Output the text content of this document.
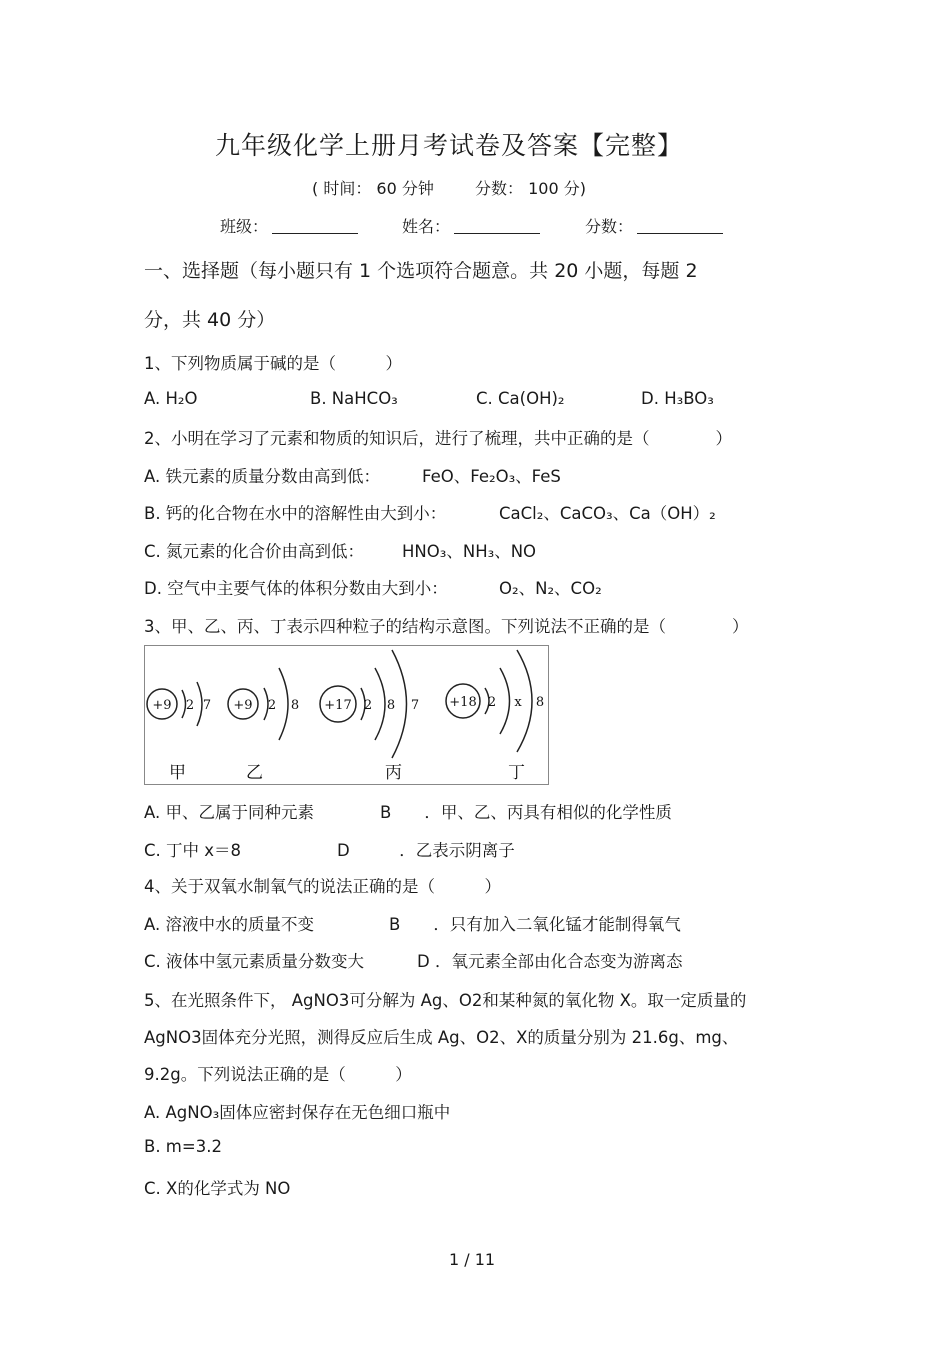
九年级化学上册月考试卷及答案【完整】
( 时间： 60 分钟	分数： 100 分)
班级：	姓名：	分数：
一、选择题（每小题只有 1 个选项符合题意。共 20 小题，每题 2
分，共 40 分）
1、下列物质属于碱的是（　　　）
A. H₂O	B. NaHCO₃	C. Ca(OH)₂	D. H₃BO₃
2、小明在学习了元素和物质的知识后，进行了梳理，共中正确的是（　　　　）
A. 铁元素的质量分数由高到低：	FeO、Fe₂O₃、FeS
B. 钙的化合物在水中的溶解性由大到小：	CaCl₂、CaCO₃、Ca（OH）₂
C. 氮元素的化合价由高到低： HNO₃、NH₃、NO
D. 空气中主要气体的体积分数由大到小：	O₂、N₂、CO₂
3、甲、乙、丙、丁表示四种粒子的结构示意图。下列说法不正确的是（　　　　）
+9 2 7 +9 2 8 +17 2 8 7 +18 2 x 8
甲	乙	丙	丁
A. 甲、乙属于同种元素	B　　．甲、乙、丙具有相似的化学性质
C. 丁中 x＝8	D　　　．乙表示阴离子
4、关于双氧水制氧气的说法正确的是（　　　）
A. 溶液中水的质量不变	B　　．只有加入二氧化锰才能制得氧气
C. 液体中氢元素质量分数变大	D ．氧元素全部由化合态变为游离态
5、在光照条件下， AgNO3可分解为 Ag、O2和某种氮的氧化物 X。取一定质量的
AgNO3固体充分光照，测得反应后生成 Ag、O2、X的质量分别为 21.6g、mg、
9.2g。下列说法正确的是（　　　）
A. AgNO₃固体应密封保存在无色细口瓶中
B. m=3.2
C. X的化学式为 NO
1 / 11
